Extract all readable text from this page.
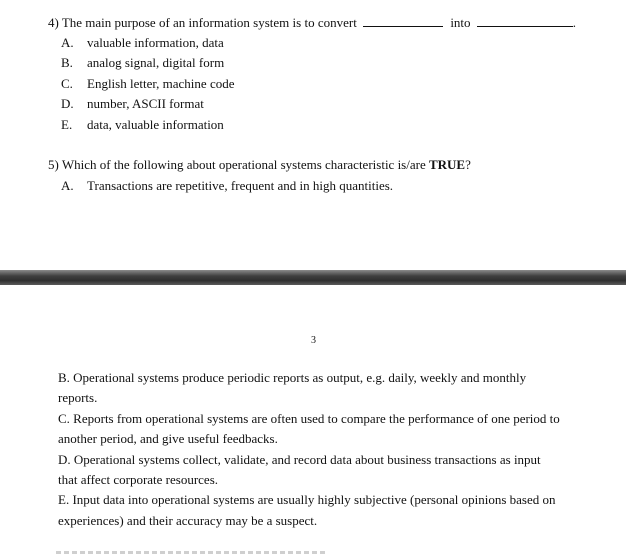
4) The main purpose of an information system is to convert	into	.
A. valuable information, data
B. analog signal, digital form
C. English letter, machine code
D. number, ASCII format
E. data, valuable information
5) Which of the following about operational systems characteristic is/are TRUE?
A. Transactions are repetitive, frequent and in high quantities.
3
B. Operational systems produce periodic reports as output, e.g. daily, weekly and monthly
reports.
C. Reports from operational systems are often used to compare the performance of one period to
another period, and give useful feedbacks.
D. Operational systems collect, validate, and record data about business transactions as input
that affect corporate resources.
E. Input data into operational systems are usually highly subjective (personal opinions based on
experiences) and their accuracy may be a suspect.
